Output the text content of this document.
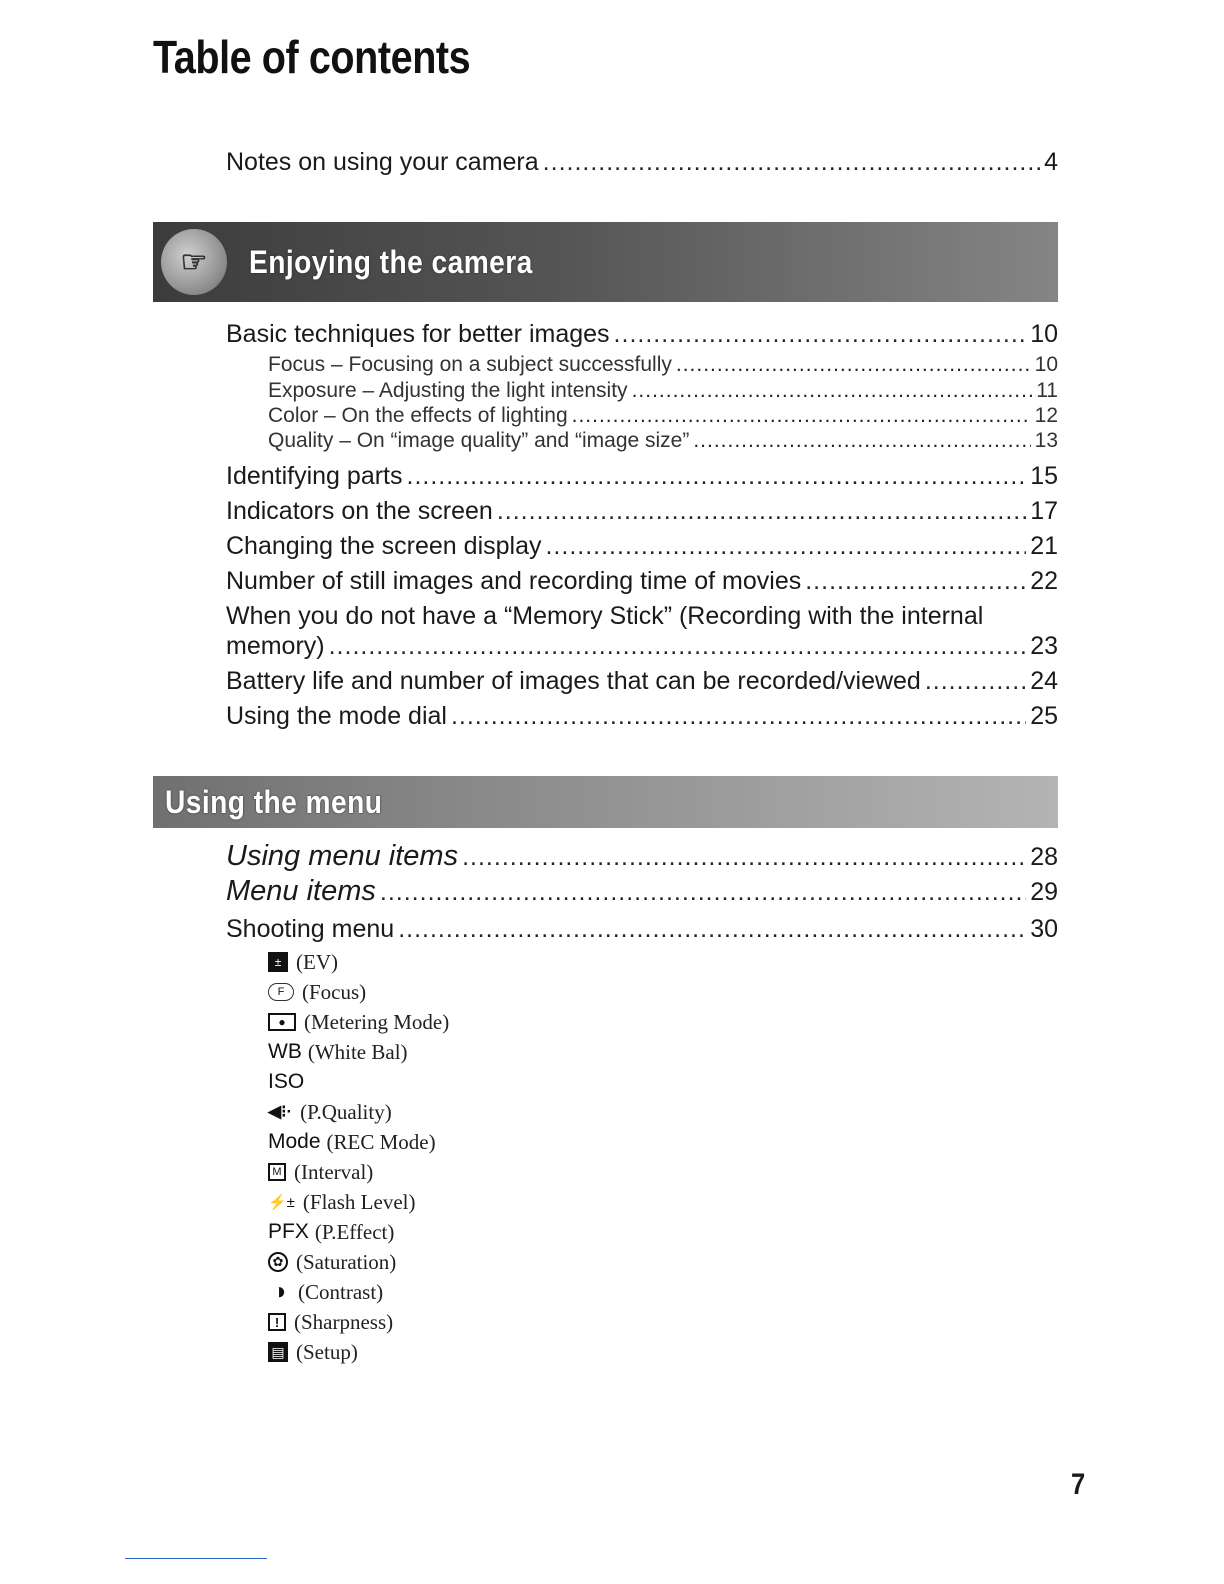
Table of contents
Notes on using your camera .....	4
☞	Enjoying the camera
Basic techniques for better images .....	10
Focus – Focusing on a subject successfully .....	10
Exposure – Adjusting the light intensity .....	11
Color – On the effects of lighting .....	12
Quality – On “image quality” and “image size” .....	13
Identifying parts .....	15
Indicators on the screen .....	17
Changing the screen display .....	21
Number of still images and recording time of movies .....	22
When you do not have a “Memory Stick” (Recording with the internal
memory) .....	23
Battery life and number of images that can be recorded/viewed .....	24
Using the mode dial .....	25
Using the menu
Using menu items .....	28
Menu items .....	29
Shooting menu .....	30
± (EV)
F (Focus)
● (Metering Mode)
WB (White Bal)
ISO
◀⁝· (P.Quality)
Mode (REC Mode)
M (Interval)
⚡± (Flash Level)
PFX (P.Effect)
✿ (Saturation)
◑ (Contrast)
! (Sharpness)
▤ (Setup)
7
